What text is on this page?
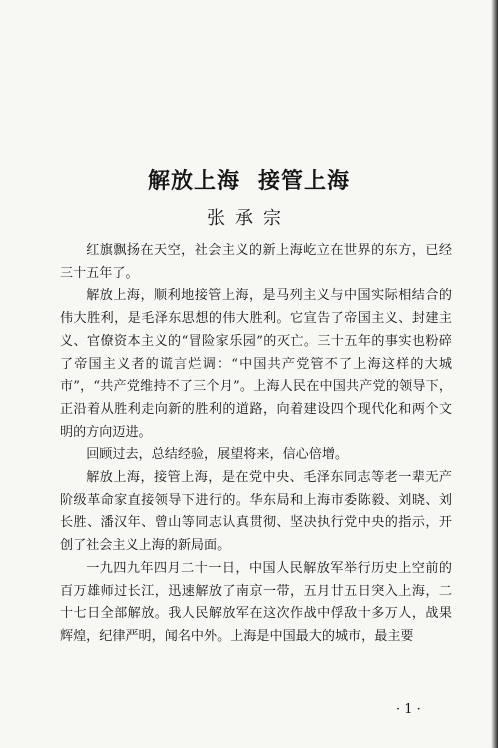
解放上海 接管上海
张承宗

红旗飘扬在天空，社会主义的新上海屹立在世界的东方，已经三十五年了。

解放上海，顺利地接管上海，是马列主义与中国实际相结合的伟大胜利，是毛泽东思想的伟大胜利。它宣告了帝国主义、封建主义、官僚资本主义的“冒险家乐园”的灭亡。三十五年的事实也粉碎了帝国主义者的谎言烂调：“中国共产党管不了上海这样的大城市”，“共产党维持不了三个月”。上海人民在中国共产党的领导下，正沿着从胜利走向新的胜利的道路，向着建设四个现代化和两个文明的方向迈进。

回顾过去，总结经验，展望将来，信心倍增。

解放上海，接管上海，是在党中央、毛泽东同志等老一辈无产阶级革命家直接领导下进行的。华东局和上海市委陈毅、刘晓、刘长胜、潘汉年、曾山等同志认真贯彻、坚决执行党中央的指示，开创了社会主义上海的新局面。

一九四九年四月二十一日，中国人民解放军举行历史上空前的百万雄师过长江，迅速解放了南京一带，五月廿五日突入上海，二十七日全部解放。我人民解放军在这次作战中俘敌十多万人，战果辉煌，纪律严明，闻名中外。上海是中国最大的城市，最主要

· 1 ·
